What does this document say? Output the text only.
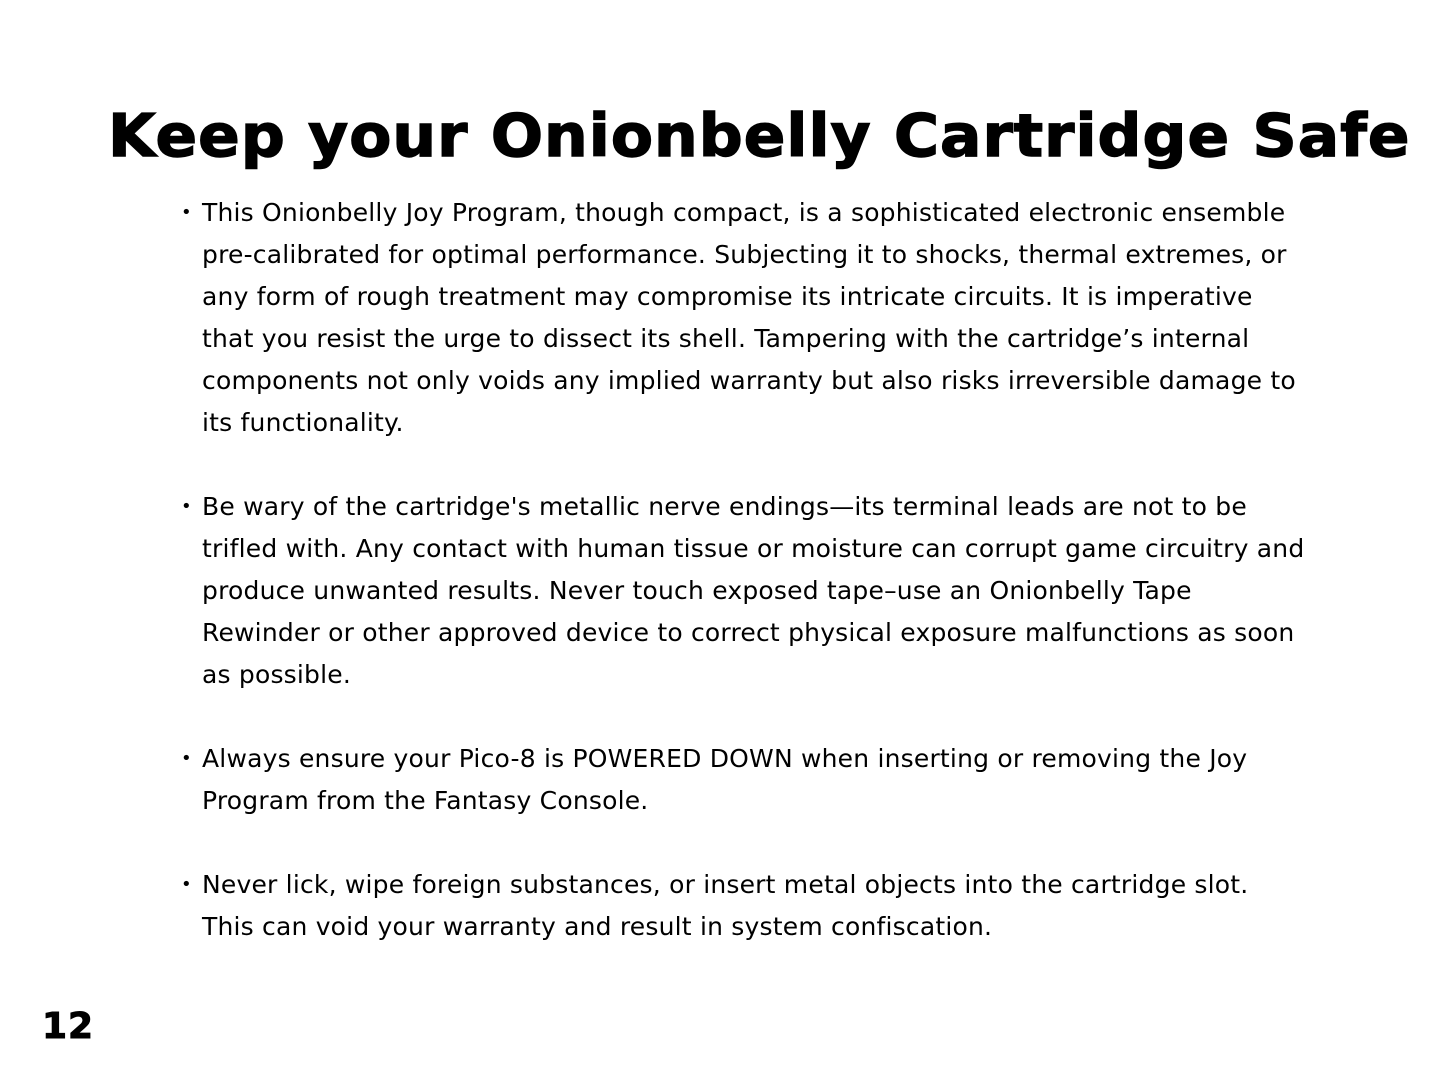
Keep your Onionbelly Cartridge Safe
• This Onionbelly Joy Program, though compact, is a sophisticated electronic ensemble pre-calibrated for optimal performance. Subjecting it to shocks, thermal extremes, or any form of rough treatment may compromise its intricate circuits. It is imperative that you resist the urge to dissect its shell. Tampering with the cartridge’s internal components not only voids any implied warranty but also risks irreversible damage to its functionality.
• Be wary of the cartridge's metallic nerve endings—its terminal leads are not to be trifled with. Any contact with human tissue or moisture can corrupt game circuitry and produce unwanted results. Never touch exposed tape–use an Onionbelly Tape Rewinder or other approved device to correct physical exposure malfunctions as soon as possible.
• Always ensure your Pico-8 is POWERED DOWN when inserting or removing the Joy Program from the Fantasy Console.
• Never lick, wipe foreign substances, or insert metal objects into the cartridge slot. This can void your warranty and result in system confiscation.
12
